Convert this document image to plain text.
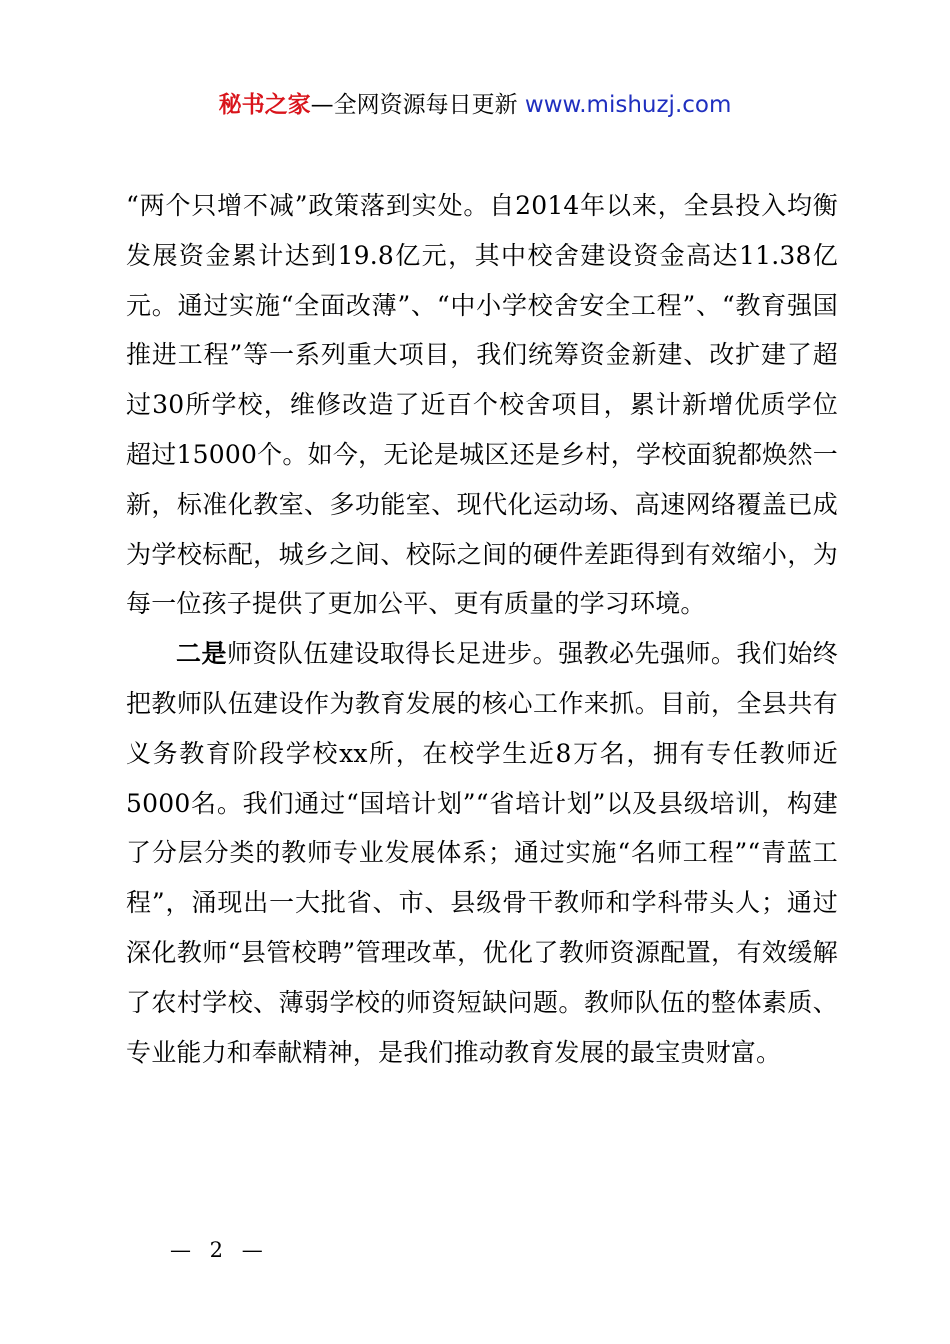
秘书之家—全网资源每日更新 www.mishuzj.com

“两个只增不减”政策落到实处。自2014年以来，全县投入均衡发展资金累计达到19.8亿元，其中校舍建设资金高达11.38亿元。通过实施“全面改薄”、“中小学校舍安全工程”、“教育强国推进工程”等一系列重大项目，我们统筹资金新建、改扩建了超过30所学校，维修改造了近百个校舍项目，累计新增优质学位超过15000个。如今，无论是城区还是乡村，学校面貌都焕然一新，标准化教室、多功能室、现代化运动场、高速网络覆盖已成为学校标配，城乡之间、校际之间的硬件差距得到有效缩小，为每一位孩子提供了更加公平、更有质量的学习环境。

二是师资队伍建设取得长足进步。强教必先强师。我们始终把教师队伍建设作为教育发展的核心工作来抓。目前，全县共有义务教育阶段学校xx所，在校学生近8万名，拥有专任教师近5000名。我们通过“国培计划”“省培计划”以及县级培训，构建了分层分类的教师专业发展体系；通过实施“名师工程”“青蓝工程”，涌现出一大批省、市、县级骨干教师和学科带头人；通过深化教师“县管校聘”管理改革，优化了教师资源配置，有效缓解了农村学校、薄弱学校的师资短缺问题。教师队伍的整体素质、专业能力和奉献精神，是我们推动教育发展的最宝贵财富。

— 2 —
